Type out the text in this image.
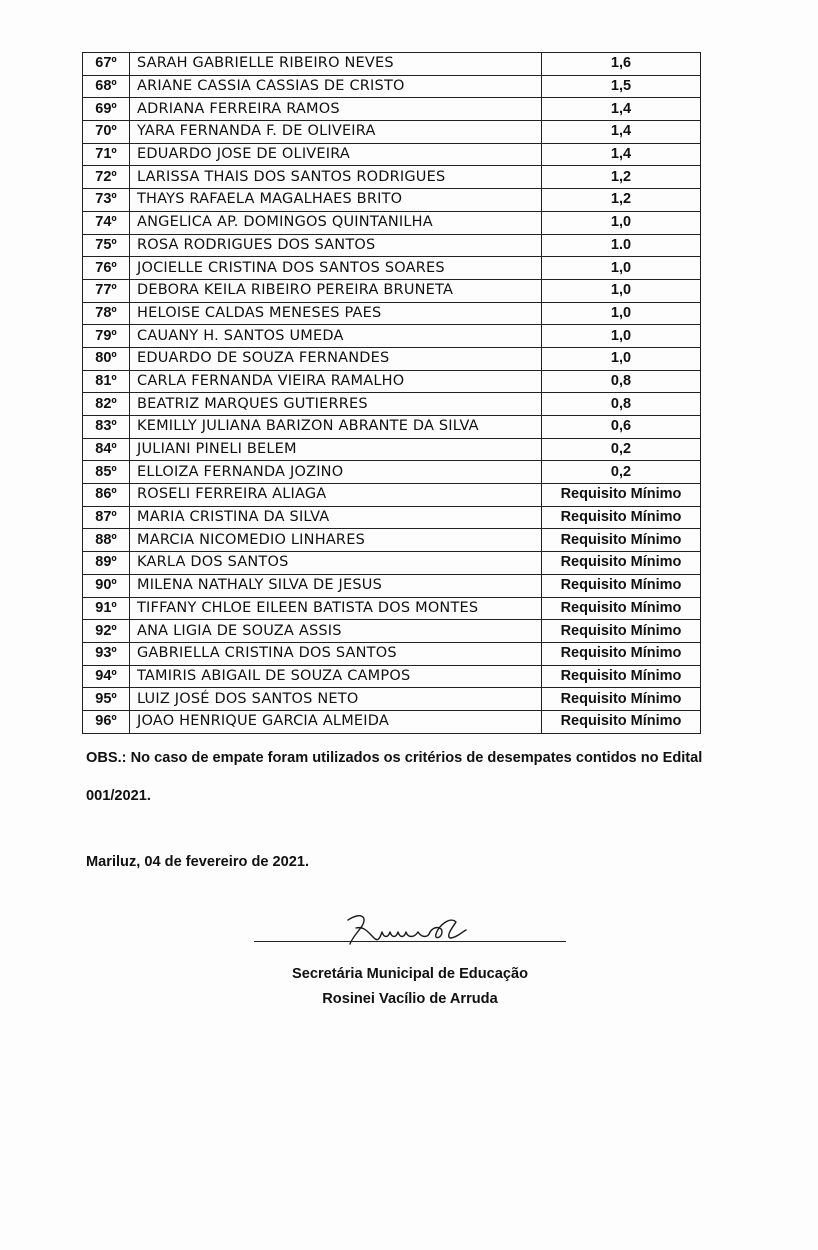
67º	SARAH GABRIELLE RIBEIRO NEVES	1,6
68º	ARIANE CASSIA CASSIAS DE CRISTO	1,5
69º	ADRIANA FERREIRA RAMOS	1,4
70º	YARA FERNANDA F. DE OLIVEIRA	1,4
71º	EDUARDO JOSE DE OLIVEIRA	1,4
72º	LARISSA THAIS DOS SANTOS RODRIGUES	1,2
73º	THAYS RAFAELA MAGALHAES BRITO	1,2
74º	ANGELICA AP. DOMINGOS QUINTANILHA	1,0
75º	ROSA RODRIGUES DOS SANTOS	1.0
76º	JOCIELLE CRISTINA DOS SANTOS SOARES	1,0
77º	DEBORA KEILA RIBEIRO PEREIRA BRUNETA	1,0
78º	HELOISE CALDAS MENESES PAES	1,0
79º	CAUANY H. SANTOS UMEDA	1,0
80º	EDUARDO DE SOUZA FERNANDES	1,0
81º	CARLA FERNANDA VIEIRA RAMALHO	0,8
82º	BEATRIZ MARQUES GUTIERRES	0,8
83º	KEMILLY JULIANA BARIZON ABRANTE DA SILVA	0,6
84º	JULIANI PINELI BELEM	0,2
85º	ELLOIZA FERNANDA JOZINO	0,2
86º	ROSELI FERREIRA ALIAGA	Requisito Mínimo
87º	MARIA CRISTINA DA SILVA	Requisito Mínimo
88º	MARCIA NICOMEDIO LINHARES	Requisito Mínimo
89º	KARLA DOS SANTOS	Requisito Mínimo
90º	MILENA NATHALY SILVA DE JESUS	Requisito Mínimo
91º	TIFFANY CHLOE EILEEN BATISTA DOS MONTES	Requisito Mínimo
92º	ANA LIGIA DE SOUZA ASSIS	Requisito Mínimo
93º	GABRIELLA CRISTINA DOS SANTOS	Requisito Mínimo
94º	TAMIRIS ABIGAIL DE SOUZA CAMPOS	Requisito Mínimo
95º	LUIZ JOSÉ DOS SANTOS NETO	Requisito Mínimo
96º	JOAO HENRIQUE GARCIA ALMEIDA	Requisito Mínimo
OBS.: No caso de empate foram utilizados os critérios de desempates contidos no Edital
001/2021.
Mariluz, 04 de fevereiro de 2021.
Secretária Municipal de Educação
Rosinei Vacílio de Arruda
